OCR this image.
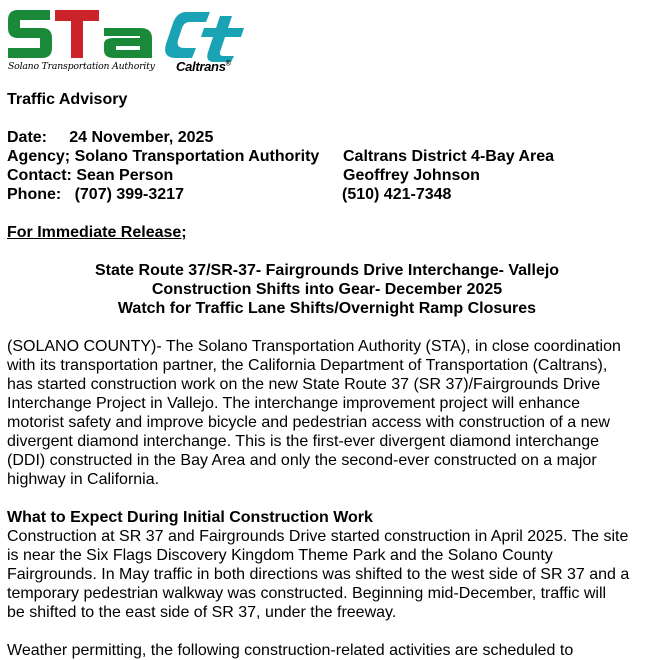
Solano Transportation Authority Caltrans®
Traffic Advisory
Date: 24 November, 2025
Agency; Solano Transportation Authority Caltrans District 4-Bay Area
Contact: Sean Person	Geoffrey Johnson
Phone: (707) 399-3217	(510) 421-7348
For Immediate Release;

State Route 37/SR-37- Fairgrounds Drive Interchange- Vallejo

Construction Shifts into Gear- December 2025

Watch for Traffic Lane Shifts/Overnight Ramp Closures

(SOLANO COUNTY)- The Solano Transportation Authority (STA), in close coordination
with its transportation partner, the California Department of Transportation (Caltrans),
has started construction work on the new State Route 37 (SR 37)/Fairgrounds Drive
Interchange Project in Vallejo. The interchange improvement project will enhance
motorist safety and improve bicycle and pedestrian access with construction of a new
divergent diamond interchange. This is the first-ever divergent diamond interchange
(DDI) constructed in the Bay Area and only the second-ever constructed on a major
highway in California.
What to Expect During Initial Construction Work
Construction at SR 37 and Fairgrounds Drive started construction in April 2025. The site
is near the Six Flags Discovery Kingdom Theme Park and the Solano County
Fairgrounds. In May traffic in both directions was shifted to the west side of SR 37 and a
temporary pedestrian walkway was constructed. Beginning mid-December, traffic will
be shifted to the east side of SR 37, under the freeway.
Weather permitting, the following construction-related activities are scheduled to
